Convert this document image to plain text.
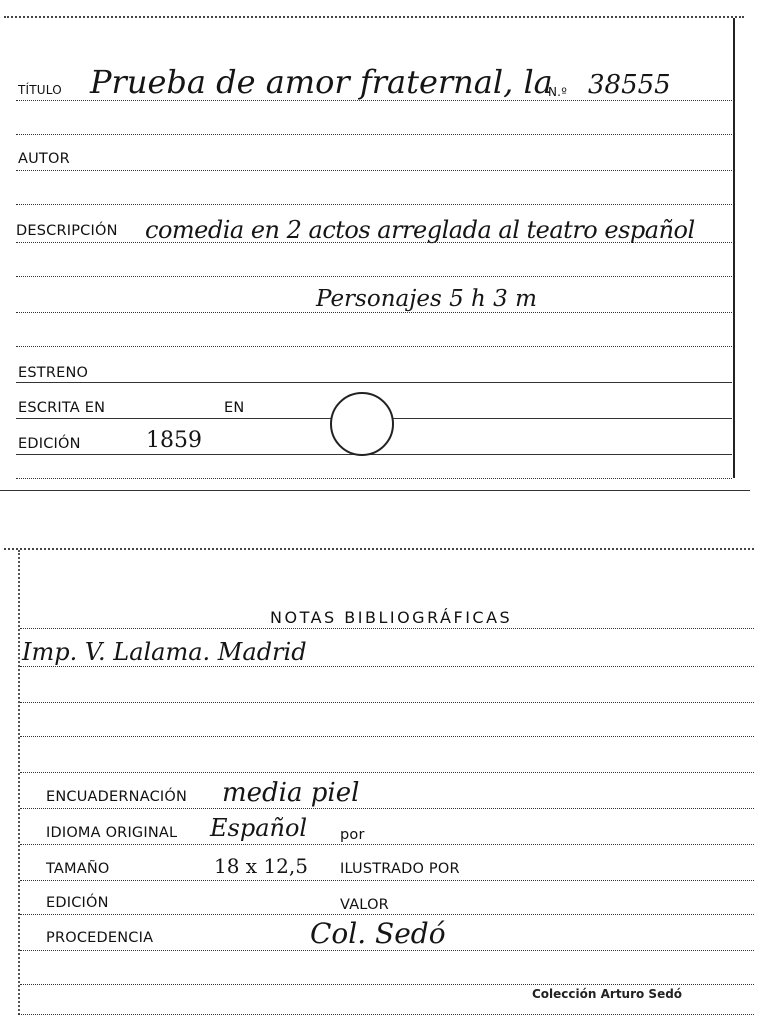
TÍTULO Prueba de amor fraternal, la
N.º 38555
AUTOR
DESCRIPCIÓN comedia en 2 actos arreglada al teatro español
Personajes 5 h 3 m
ESTRENO
ESCRITA EN	EN
EDICIÓN	1859
NOTAS BIBLIOGRÁFICAS
Imp. V. Lalama. Madrid
ENCUADERNACIÓN media piel
IDIOMA ORIGINAL Español por
TAMAÑO	18 x 12,5 ILUSTRADO POR
EDICIÓN	VALOR
PROCEDENCIA	Col. Sedó
Colección Arturo Sedó
